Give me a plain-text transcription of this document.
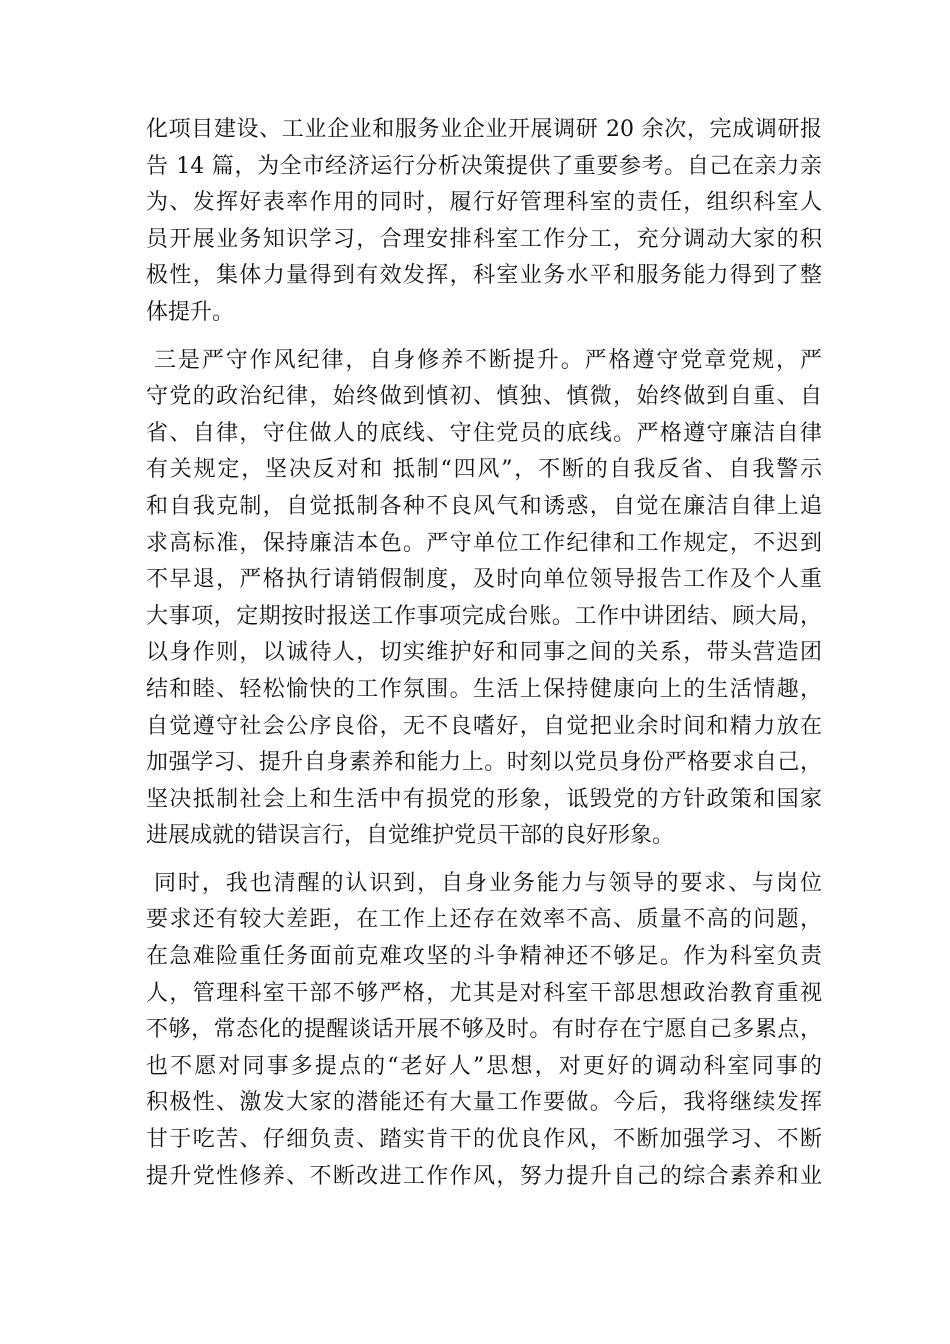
化项目建设、工业企业和服务业企业开展调研 20 余次，完成调研报
告 14 篇，为全市经济运行分析决策提供了重要参考。自己在亲力亲
为、发挥好表率作用的同时，履行好管理科室的责任，组织科室人
员开展业务知识学习，合理安排科室工作分工，充分调动大家的积
极性，集体力量得到有效发挥，科室业务水平和服务能力得到了整
体提升。
三是严守作风纪律，自身修养不断提升。严格遵守党章党规，严
守党的政治纪律，始终做到慎初、慎独、慎微，始终做到自重、自
省、自律，守住做人的底线、守住党员的底线。严格遵守廉洁自律
有关规定，坚决反对和 抵制“四风”，不断的自我反省、自我警示
和自我克制，自觉抵制各种不良风气和诱惑，自觉在廉洁自律上追
求高标准，保持廉洁本色。严守单位工作纪律和工作规定，不迟到
不早退，严格执行请销假制度，及时向单位领导报告工作及个人重
大事项，定期按时报送工作事项完成台账。工作中讲团结、顾大局，
以身作则，以诚待人，切实维护好和同事之间的关系，带头营造团
结和睦、轻松愉快的工作氛围。生活上保持健康向上的生活情趣，
自觉遵守社会公序良俗，无不良嗜好，自觉把业余时间和精力放在
加强学习、提升自身素养和能力上。时刻以党员身份严格要求自己，
坚决抵制社会上和生活中有损党的形象，诋毁党的方针政策和国家
进展成就的错误言行，自觉维护党员干部的良好形象。
同时，我也清醒的认识到，自身业务能力与领导的要求、与岗位
要求还有较大差距，在工作上还存在效率不高、质量不高的问题，
在急难险重任务面前克难攻坚的斗争精神还不够足。作为科室负责
人，管理科室干部不够严格，尤其是对科室干部思想政治教育重视
不够，常态化的提醒谈话开展不够及时。有时存在宁愿自己多累点，
也不愿对同事多提点的“老好人”思想，对更好的调动科室同事的
积极性、激发大家的潜能还有大量工作要做。今后，我将继续发挥
甘于吃苦、仔细负责、踏实肯干的优良作风，不断加强学习、不断
提升党性修养、不断改进工作作风，努力提升自己的综合素养和业
